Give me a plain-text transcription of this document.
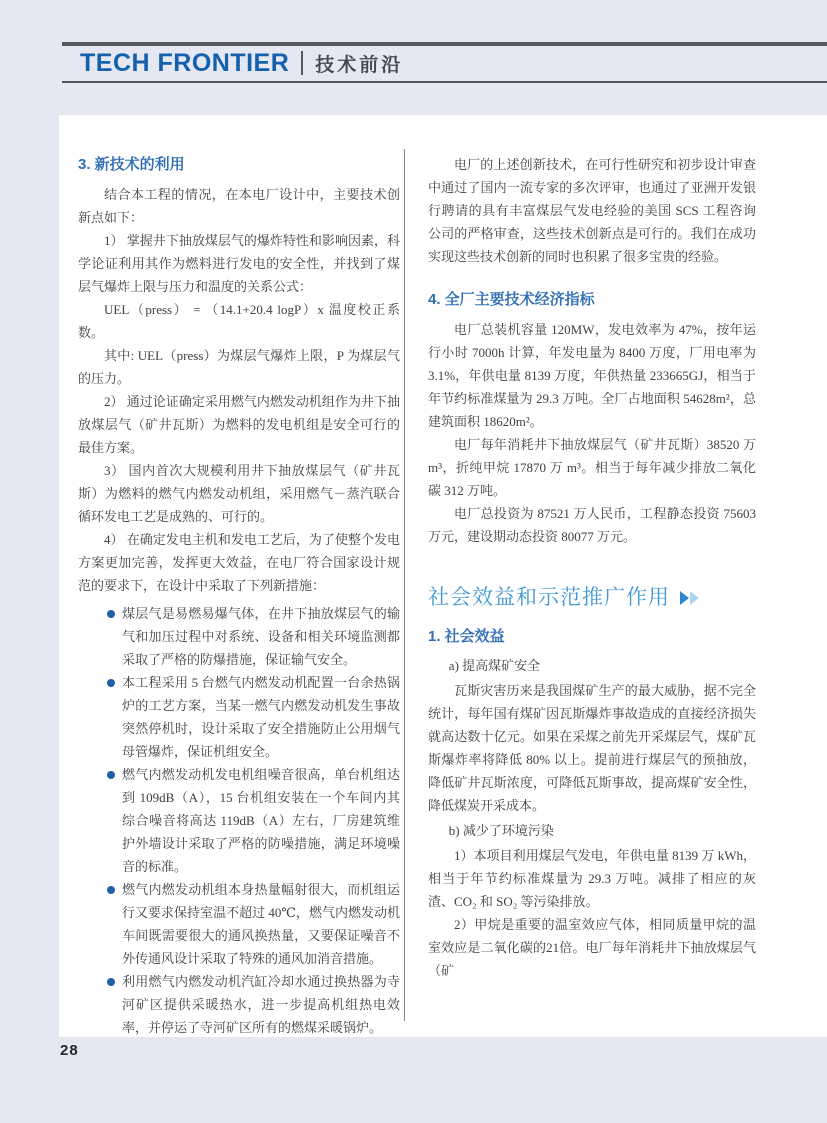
TECH FRONTIER 技术前沿
3. 新技术的利用

结合本工程的情况，在本电厂设计中，主要技术创新点如下：

1） 掌握井下抽放煤层气的爆炸特性和影响因素，科学论证利用其作为燃料进行发电的安全性，并找到了煤层气爆炸上限与压力和温度的关系公式：

UEL（press） = （14.1+20.4 logP）x 温度校正系数。

其中: UEL（press）为煤层气爆炸上限，P 为煤层气的压力。

2） 通过论证确定采用燃气内燃发动机组作为井下抽放煤层气（矿井瓦斯）为燃料的发电机组是安全可行的最佳方案。

3） 国内首次大规模利用井下抽放煤层气（矿井瓦斯）为燃料的燃气内燃发动机组，采用燃气－蒸汽联合循环发电工艺是成熟的、可行的。

4） 在确定发电主机和发电工艺后，为了使整个发电方案更加完善，发挥更大效益，在电厂符合国家设计规范的要求下，在设计中采取了下列新措施：

煤层气是易燃易爆气体，在井下抽放煤层气的输气和加压过程中对系统、设备和相关环境监测都采取了严格的防爆措施，保证输气安全。
本工程采用 5 台燃气内燃发动机配置一台余热锅炉的工艺方案，当某一燃气内燃发动机发生事故突然停机时，设计采取了安全措施防止公用烟气母管爆炸，保证机组安全。
燃气内燃发动机发电机组噪音很高，单台机组达到 109dB（A），15 台机组安装在一个车间内其综合噪音将高达 119dB（A）左右，厂房建筑维护外墙设计采取了严格的防噪措施，满足环境噪音的标准。
燃气内燃发动机组本身热量幅射很大，而机组运行又要求保持室温不超过 40℃，燃气内燃发动机车间既需要很大的通风换热量，又要保证噪音不外传通风设计采取了特殊的通风加消音措施。
利用燃气内燃发动机汽缸冷却水通过换热器为寺河矿区提供采暖热水，进一步提高机组热电效率，并停运了寺河矿区所有的燃煤采暖锅炉。

电厂的上述创新技术，在可行性研究和初步设计审查中通过了国内一流专家的多次评审，也通过了亚洲开发银行聘请的具有丰富煤层气发电经验的美国 SCS 工程咨询公司的严格审查，这些技术创新点是可行的。我们在成功实现这些技术创新的同时也积累了很多宝贵的经验。

4. 全厂主要技术经济指标

电厂总装机容量 120MW，发电效率为 47%，按年运行小时 7000h 计算，年发电量为 8400 万度，厂用电率为 3.1%，年供电量 8139 万度，年供热量 233665GJ，相当于年节约标准煤量为 29.3 万吨。全厂占地面积 54628m²，总建筑面积 18620m²。

电厂每年消耗井下抽放煤层气（矿井瓦斯）38520 万 m³，折纯甲烷 17870 万 m³。相当于每年减少排放二氧化碳 312 万吨。

电厂总投资为 87521 万人民币，工程静态投资 75603 万元，建设期动态投资 80077 万元。

社会效益和示范推广作用
1. 社会效益

a) 提高煤矿安全

瓦斯灾害历来是我国煤矿生产的最大威胁，据不完全统计，每年国有煤矿因瓦斯爆炸事故造成的直接经济损失就高达数十亿元。如果在采煤之前先开采煤层气，煤矿瓦斯爆炸率将降低 80% 以上。提前进行煤层气的预抽放，降低矿井瓦斯浓度，可降低瓦斯事故，提高煤矿安全性，降低煤炭开采成本。

b) 减少了环境污染

1）本项目利用煤层气发电，年供电量 8139 万 kWh，相当于年节约标准煤量为 29.3 万吨。减排了相应的灰渣、CO₂ 和 SO₂ 等污染排放。

2）甲烷是重要的温室效应气体，相同质量甲烷的温室效应是二氧化碳的21倍。电厂每年消耗井下抽放煤层气（矿

28
